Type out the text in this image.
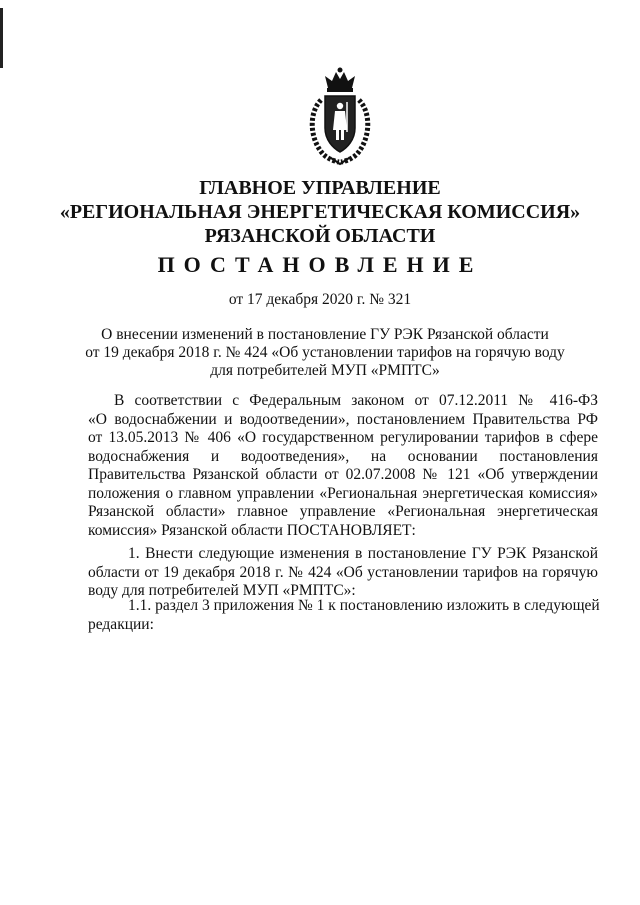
ГЛАВНОЕ УПРАВЛЕНИЕ
«РЕГИОНАЛЬНАЯ ЭНЕРГЕТИЧЕСКАЯ КОМИССИЯ»
РЯЗАНСКОЙ ОБЛАСТИ
ПОСТАНОВЛЕНИЕ
от 17 декабря 2020 г. № 321
О внесении изменений в постановление ГУ РЭК Рязанской области
от 19 декабря 2018 г. № 424 «Об установлении тарифов на горячую воду
для потребителей МУП «РМПТС»
В соответствии с Федеральным законом от 07.12.2011 № 416-ФЗ
«О водоснабжении и водоотведении», постановлением Правительства РФ
от 13.05.2013 № 406 «О государственном регулировании тарифов в сфере
водоснабжения и водоотведения», на основании постановления
Правительства Рязанской области от 02.07.2008 № 121 «Об утверждении
положения о главном управлении «Региональная энергетическая комиссия»
Рязанской области» главное управление «Региональная энергетическая
комиссия» Рязанской области ПОСТАНОВЛЯЕТ:
1. Внести следующие изменения в постановление ГУ РЭК Рязанской
области от 19 декабря 2018 г. № 424 «Об установлении тарифов на горячую
воду для потребителей МУП «РМПТС»:
1.1. раздел 3 приложения № 1 к постановлению изложить в следующей
редакции:
